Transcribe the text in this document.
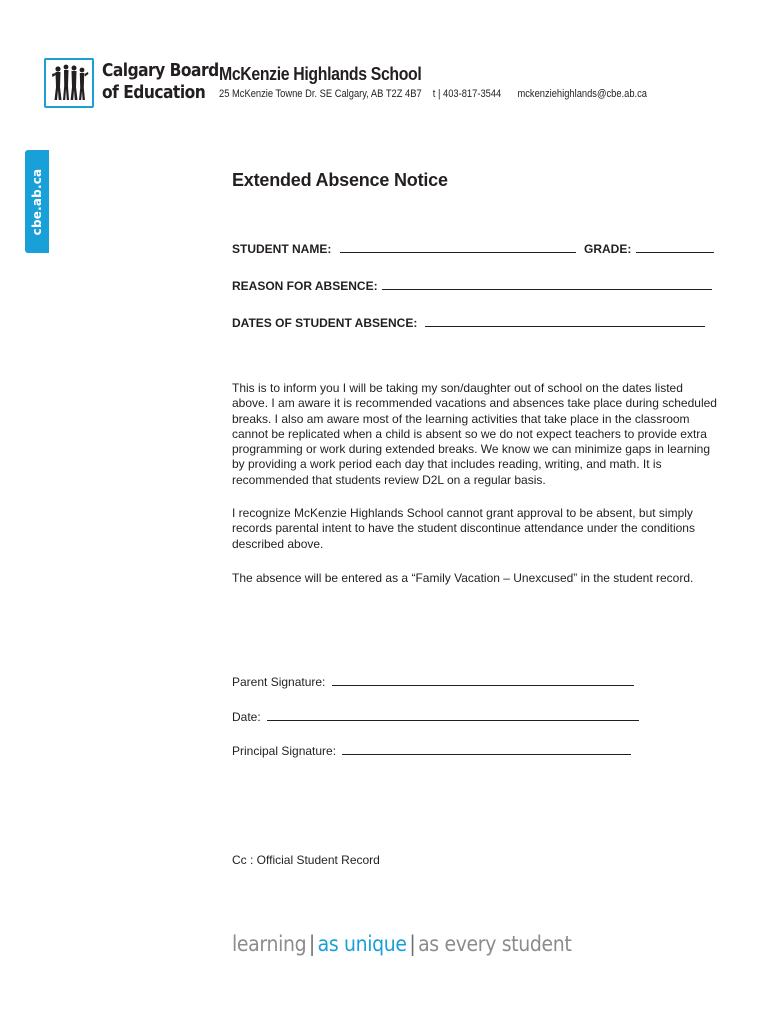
Calgary Board
of Education
McKenzie Highlands School
25 McKenzie Towne Dr. SE Calgary, AB T2Z 4B7 t | 403-817-3544 mckenziehighlands@cbe.ab.ca
cbe.ab.ca	Extended Absence Notice
STUDENT NAME:	GRADE:
REASON FOR ABSENCE:
DATES OF STUDENT ABSENCE:
This is to inform you I will be taking my son/daughter out of school on the dates listed above. I am aware it is recommended vacations and absences take place during scheduled breaks. I also am aware most of the learning activities that take place in the classroom cannot be replicated when a child is absent so we do not expect teachers to provide extra programming or work during extended breaks. We know we can minimize gaps in learning by providing a work period each day that includes reading, writing, and math. It is recommended that students review D2L on a regular basis.
I recognize McKenzie Highlands School cannot grant approval to be absent, but simply records parental intent to have the student discontinue attendance under the conditions described above.
The absence will be entered as a “Family Vacation – Unexcused” in the student record.
Parent Signature:
Date:
Principal Signature:
Cc : Official Student Record
learning | as unique | as every student
